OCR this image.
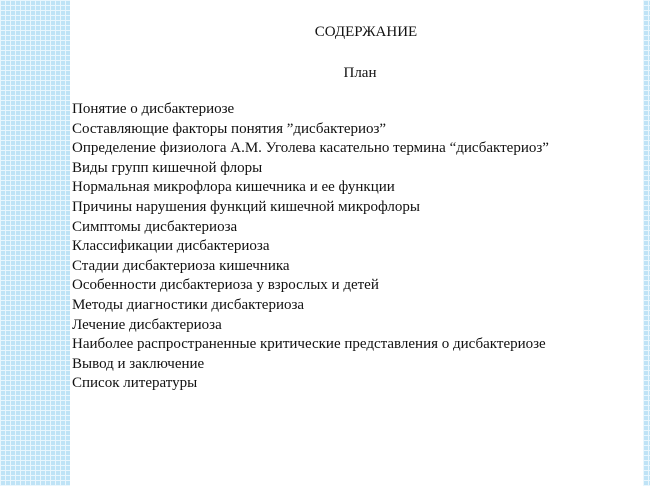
СОДЕРЖАНИЕ

План

Понятие о дисбактериозе
Составляющие факторы понятия ”дисбактериоз”
Определение физиолога А.М. Уголева касательно термина “дисбактериоз”
Виды групп кишечной флоры
Нормальная микрофлора кишечника и ее функции
Причины нарушения функций кишечной микрофлоры
Симптомы дисбактериоза
Классификации дисбактериоза
Стадии дисбактериоза кишечника
Особенности дисбактериоза у взрослых и детей
Методы диагностики дисбактериоза
Лечение дисбактериоза
Наиболее распространенные критические представления о дисбактериозе
Вывод и заключение
Список литературы
